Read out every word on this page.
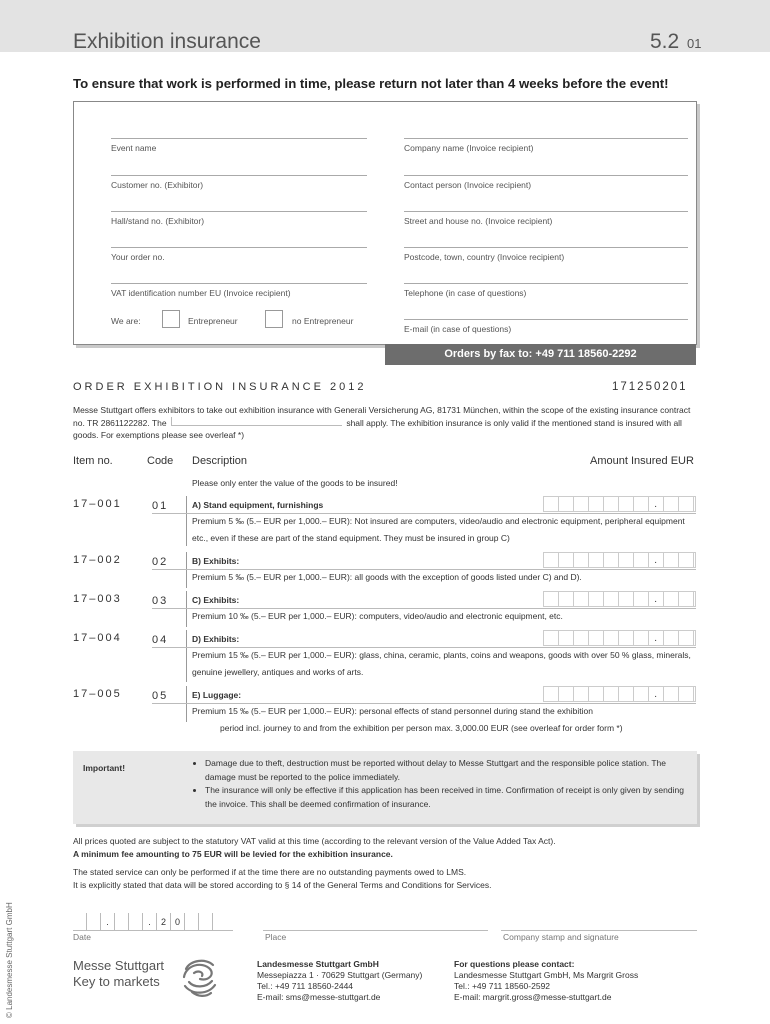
Exhibition insurance	5.2 01
To ensure that work is performed in time, please return not later than 4 weeks before the event!
Event name
Customer no. (Exhibitor)
Hall/stand no. (Exhibitor)
Your order no.
VAT identification number EU (Invoice recipient)
Company name (Invoice recipient)
Contact person (Invoice recipient)
Street and house no. (Invoice recipient)
Postcode, town, country (Invoice recipient)
Telephone (in case of questions)
E-mail (in case of questions)
We are:	Entrepreneur	no Entrepreneur
Orders by fax to: +49 711 18560-2292
ORDER EXHIBITION INSURANCE 2012	171250201
Messe Stuttgart offers exhibitors to take out exhibition insurance with Generali Versicherung AG, 81731 München, within the scope of the existing insurance contract no. TR 2861122282. The	shall apply. The exhibition insurance is only valid if the mentioned stand is insured with all goods. For exemptions please see overleaf *)
Item no.	Code Description	Amount Insured EUR
Please only enter the value of the goods to be insured!
17–001	01	A) Stand equipment, furnishings	.
Premium 5 ‰ (5.– EUR per 1,000.– EUR): Not insured are computers, video/audio and electronic equipment, peripheral equipment etc., even if these are part of the stand equipment. They must be insured in group C)
17–002	02	B) Exhibits:	.
Premium 5 ‰ (5.– EUR per 1,000.– EUR): all goods with the exception of goods listed under C) and D).
17–003	03	C) Exhibits:	.
Premium 10 ‰ (5.– EUR per 1,000.– EUR): computers, video/audio and electronic equipment, etc.
17–004	04	D) Exhibits:	.
Premium 15 ‰ (5.– EUR per 1,000.– EUR): glass, china, ceramic, plants, coins and weapons, goods with over 50 % glass, minerals, genuine jewellery, antiques and works of arts.
17–005	05	E) Luggage:	.
Premium 15 ‰ (5.– EUR per 1,000.– EUR): personal effects of stand personnel during stand the exhibition
period incl. journey to and from the exhibition per person max. 3,000.00 EUR (see overleaf for order form *)
Important!
•	Damage due to theft, destruction must be reported without delay to Messe Stuttgart and the responsible police station. The damage must be reported to the police immediately.
• The insurance will only be effective if this application has been received in time. Confirmation of receipt is only given by sending the invoice. This shall be deemed confirmation of insurance.
All prices quoted are subject to the statutory VAT valid at this time (according to the relevant version of the Value Added Tax Act).
A minimum fee amounting to 75 EUR will be levied for the exhibition insurance.
The stated service can only be performed if at the time there are no outstanding payments owed to LMS.
It is explicitly stated that data will be stored according to § 14 of the General Terms and Conditions for Services.
.	.	2 0
Date	Place	Company stamp and signature
Messe Stuttgart
Key to markets
Landesmesse Stuttgart GmbH
Messepiazza 1 · 70629 Stuttgart (Germany)
Tel.: +49 711 18560-2444
E-mail: sms@messe-stuttgart.de
For questions please contact:
Landesmesse Stuttgart GmbH, Ms Margrit Gross
Tel.: +49 711 18560-2592
E-mail: margrit.gross@messe-stuttgart.de
© Landesmesse Stuttgart GmbH
